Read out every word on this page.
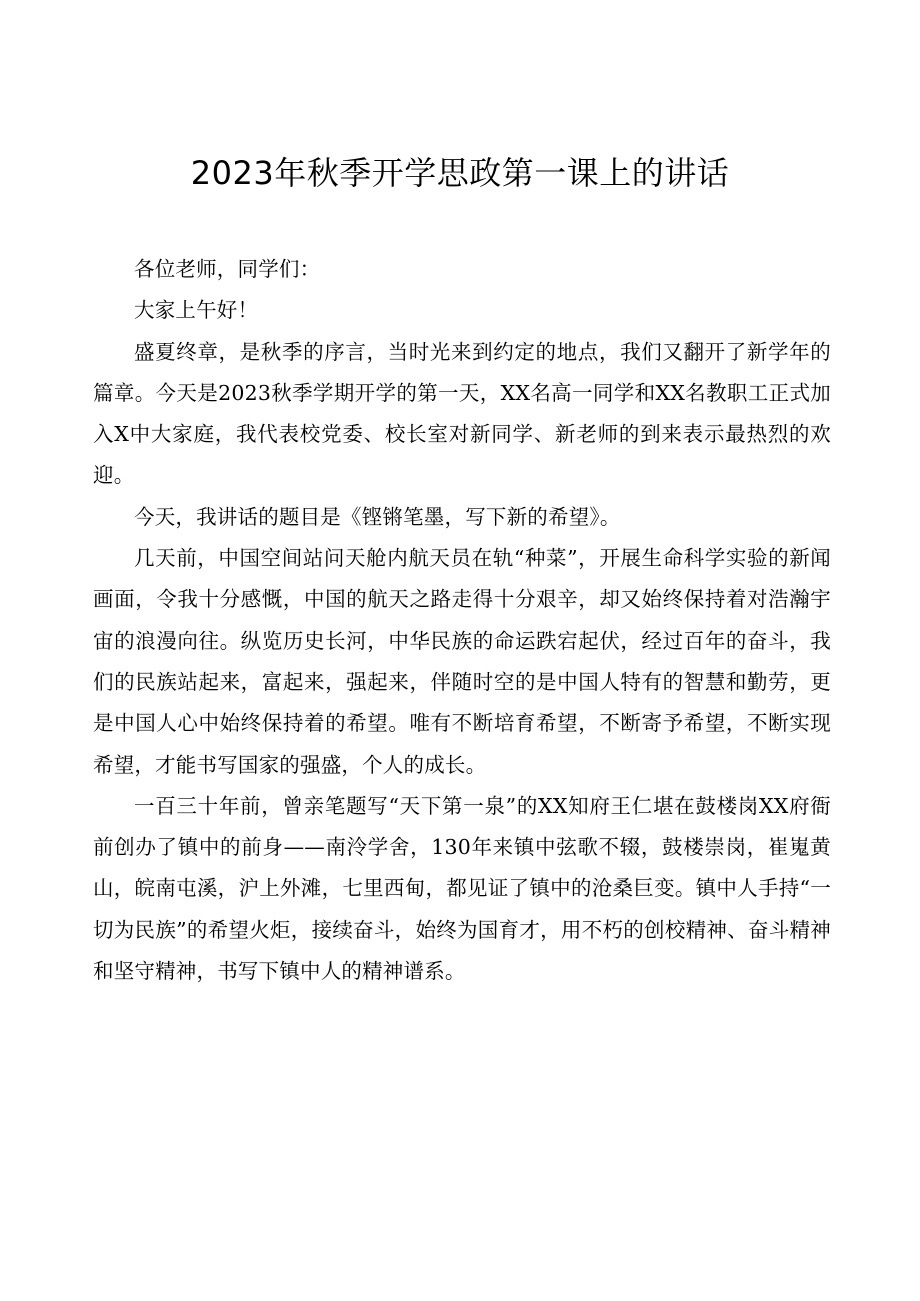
2023年秋季开学思政第一课上的讲话

各位老师，同学们：

大家上午好！

盛夏终章，是秋季的序言，当时光来到约定的地点，我们又翻开了新学年的篇章。今天是2023秋季学期开学的第一天，XX名高一同学和XX名教职工正式加入X中大家庭，我代表校党委、校长室对新同学、新老师的到来表示最热烈的欢迎。

今天，我讲话的题目是《铿锵笔墨，写下新的希望》。

几天前，中国空间站问天舱内航天员在轨“种菜”，开展生命科学实验的新闻画面，令我十分感慨，中国的航天之路走得十分艰辛，却又始终保持着对浩瀚宇宙的浪漫向往。纵览历史长河，中华民族的命运跌宕起伏，经过百年的奋斗，我们的民族站起来，富起来，强起来，伴随时空的是中国人特有的智慧和勤劳，更是中国人心中始终保持着的希望。唯有不断培育希望，不断寄予希望，不断实现希望，才能书写国家的强盛，个人的成长。

一百三十年前，曾亲笔题写“天下第一泉”的XX知府王仁堪在鼓楼岗XX府衙前创办了镇中的前身——南泠学舍，130年来镇中弦歌不辍，鼓楼崇岗，崔嵬黄山，皖南屯溪，沪上外滩，七里西甸，都见证了镇中的沧桑巨变。镇中人手持“一切为民族”的希望火炬，接续奋斗，始终为国育才，用不朽的创校精神、奋斗精神和坚守精神，书写下镇中人的精神谱系。
